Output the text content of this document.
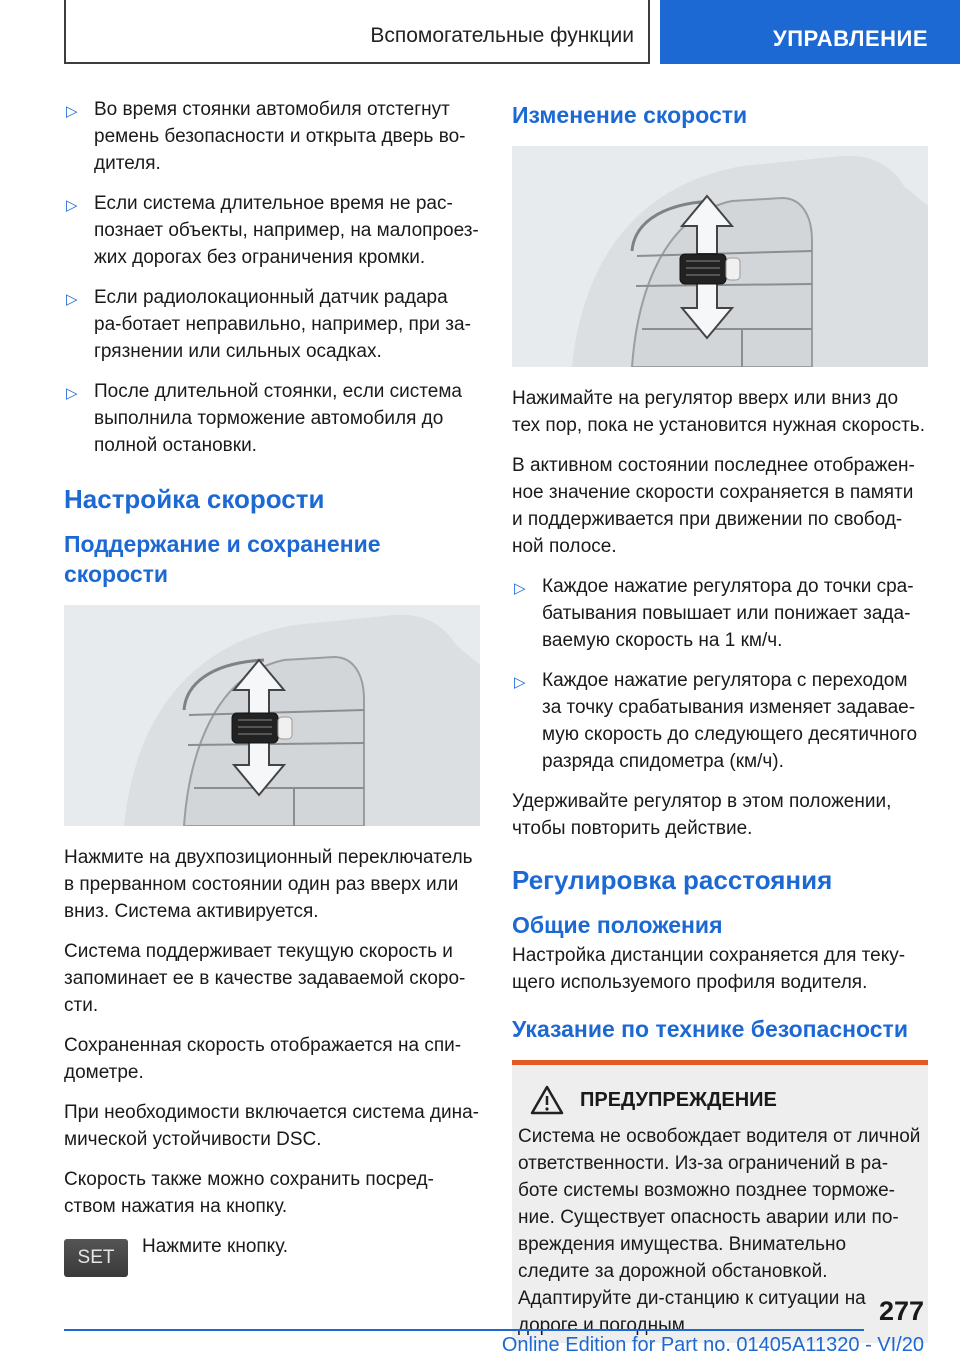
Вспомогательные функции	УПРАВЛЕНИЕ
▷ Во время стоянки автомобиля отстегнут ремень безопасности и открыта дверь во-дителя.
▷ Если система длительное время не рас-познает объекты, например, на малопроез-жих дорогах без ограничения кромки.
▷ Если радиолокационный датчик радара ра-ботает неправильно, например, при за-грязнении или сильных осадках.
▷ После длительной стоянки, если система выполнила торможение автомобиля до полной остановки.
Настройка скорости
Поддержание и сохранение скорости

Нажмите на двухпозиционный переключатель в прерванном состоянии один раз вверх или вниз. Система активируется.

Система поддерживает текущую скорость и запоминает ее в качестве задаваемой скоро-сти.

Сохраненная скорость отображается на спи-дометре.

При необходимости включается система дина-мической устойчивости DSC.

Скорость также можно сохранить посред-ством нажатия на кнопку.

SET
Нажмите кнопку.
Изменение скорости

Нажимайте на регулятор вверх или вниз до тех пор, пока не установится нужная скорость.

В активном состоянии последнее отображен-ное значение скорости сохраняется в памяти и поддерживается при движении по свобод-ной полосе.

▷ Каждое нажатие регулятора до точки сра-батывания повышает или понижает зада-ваемую скорость на 1 км/ч.
▷ Каждое нажатие регулятора с переходом за точку срабатывания изменяет задавае-мую скорость до следующего десятичного разряда спидометра (км/ч).

Удерживайте регулятор в этом положении, чтобы повторить действие.

Регулировка расстояния
Общие положения

Настройка дистанции сохраняется для теку-щего используемого профиля водителя.

Указание по технике безопасности
ПРЕДУПРЕЖДЕНИЕ
Система не освобождает водителя от личной ответственности. Из-за ограничений в ра-боте системы возможно позднее торможе-ние. Существует опасность аварии или по-вреждения имущества. Внимательно следите за дорожной обстановкой. Адаптируйте ди-станцию к ситуации на дороге и погодным	277
Online Edition for Part no. 01405A11320 - VI/20
